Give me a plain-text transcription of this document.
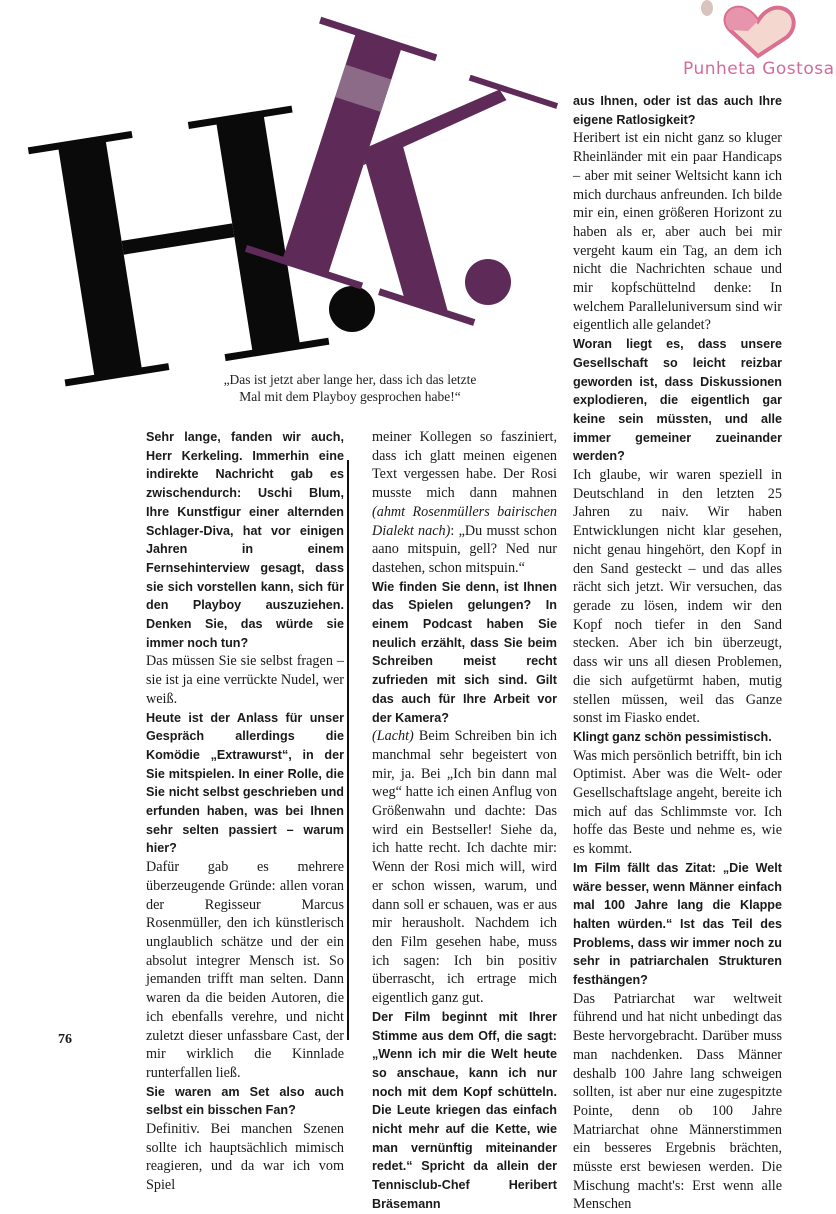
„Das ist jetzt aber lange her, dass ich das letzte
Mal mit dem Playboy gesprochen habe!“

Sehr lange, fanden wir auch, Herr Kerkeling. Immerhin eine indirekte Nachricht gab es zwischendurch: Uschi Blum, Ihre Kunstfigur einer alternden Schlager-Diva, hat vor einigen Jahren in einem Fernsehinterview gesagt, dass sie sich vorstellen kann, sich für den Playboy auszuziehen. Denken Sie, das würde sie immer noch tun?

Das müssen Sie sie selbst fragen – sie ist ja eine verrückte Nudel, wer weiß.

Heute ist der Anlass für unser Gespräch allerdings die Komödie „Extrawurst“, in der Sie mitspielen. In einer Rolle, die Sie nicht selbst geschrieben und erfunden haben, was bei Ihnen sehr selten passiert – warum hier?

Dafür gab es mehrere überzeugende Gründe: allen voran der Regisseur Marcus Rosenmüller, den ich künstlerisch unglaublich schätze und der ein absolut integrer Mensch ist. So jemanden trifft man selten. Dann waren da die beiden Autoren, die ich ebenfalls verehre, und nicht zuletzt dieser unfassbare Cast, der mir wirklich die Kinnlade runterfallen ließ.

Sie waren am Set also auch selbst ein bisschen Fan?

Definitiv. Bei manchen Szenen sollte ich hauptsächlich mimisch reagieren, und da war ich vom Spiel

meiner Kollegen so fasziniert, dass ich glatt meinen eigenen Text vergessen habe. Der Rosi musste mich dann mahnen (ahmt Rosenmüllers bairischen Dialekt nach): „Du musst schon aano mitspuin, gell? Ned nur dastehen, schon mitspuin.“

Wie finden Sie denn, ist Ihnen das Spielen gelungen? In einem Podcast haben Sie neulich erzählt, dass Sie beim Schreiben meist recht zufrieden mit sich sind. Gilt das auch für Ihre Arbeit vor der Kamera?

(Lacht) Beim Schreiben bin ich manchmal sehr begeistert von mir, ja. Bei „Ich bin dann mal weg“ hatte ich einen Anflug von Größenwahn und dachte: Das wird ein Bestseller! Siehe da, ich hatte recht. Ich dachte mir: Wenn der Rosi mich will, wird er schon wissen, warum, und dann soll er schauen, was er aus mir herausholt. Nachdem ich den Film gesehen habe, muss ich sagen: Ich bin positiv überrascht, ich ertrage mich eigentlich ganz gut.

Der Film beginnt mit Ihrer Stimme aus dem Off, die sagt: „Wenn ich mir die Welt heute so anschaue, kann ich nur noch mit dem Kopf schütteln. Die Leute kriegen das einfach nicht mehr auf die Kette, wie man vernünftig miteinander redet.“ Spricht da allein der Tennisclub-Chef Heribert Bräsemann

aus Ihnen, oder ist das auch Ihre eigene Ratlosigkeit?

Heribert ist ein nicht ganz so kluger Rheinländer mit ein paar Handicaps – aber mit seiner Weltsicht kann ich mich durchaus anfreunden. Ich bilde mir ein, einen größeren Horizont zu haben als er, aber auch bei mir vergeht kaum ein Tag, an dem ich nicht die Nachrichten schaue und mir kopfschüttelnd denke: In welchem Paralleluniversum sind wir eigentlich alle gelandet?

Woran liegt es, dass unsere Gesellschaft so leicht reizbar geworden ist, dass Diskussionen explodieren, die eigentlich gar keine sein müssten, und alle immer gemeiner zueinander werden?

Ich glaube, wir waren speziell in Deutschland in den letzten 25 Jahren zu naiv. Wir haben Entwicklungen nicht klar gesehen, nicht genau hingehört, den Kopf in den Sand gesteckt – und das alles rächt sich jetzt. Wir versuchen, das gerade zu lösen, indem wir den Kopf noch tiefer in den Sand stecken. Aber ich bin überzeugt, dass wir uns all diesen Problemen, die sich aufgetürmt haben, mutig stellen müssen, weil das Ganze sonst im Fiasko endet.

Klingt ganz schön pessimistisch.

Was mich persönlich betrifft, bin ich Optimist. Aber was die Welt- oder Gesellschaftslage angeht, bereite ich mich auf das Schlimmste vor. Ich hoffe das Beste und nehme es, wie es kommt.

Im Film fällt das Zitat: „Die Welt wäre besser, wenn Männer einfach mal 100 Jahre lang die Klappe halten würden.“ Ist das Teil des Problems, dass wir immer noch zu sehr in patriarchalen Strukturen festhängen?

Das Patriarchat war weltweit führend und hat nicht unbedingt das Beste hervorgebracht. Darüber muss man nachdenken. Dass Männer deshalb 100 Jahre lang schweigen sollten, ist aber nur eine zugespitzte Pointe, denn ob 100 Jahre Matriarchat ohne Männerstimmen ein besseres Ergebnis brächten, müsste erst bewiesen werden. Die Mischung macht's: Erst wenn alle Menschen

76
Punheta Gostosa
